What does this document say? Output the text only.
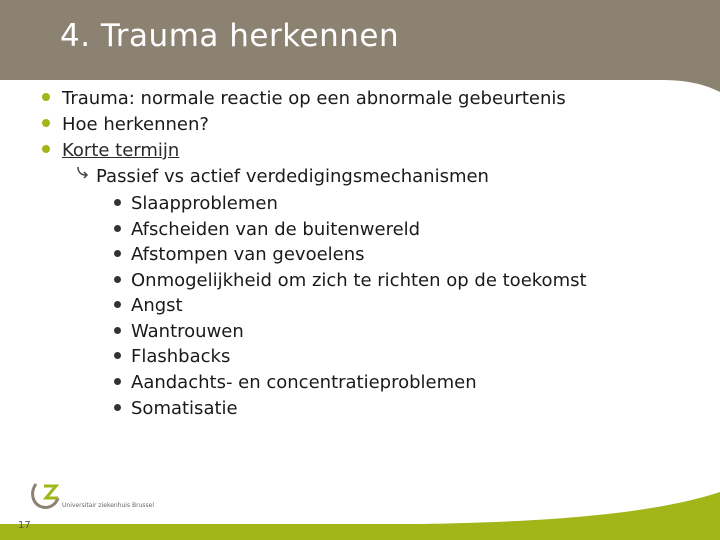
4. Trauma herkennen
Trauma: normale reactie op een abnormale gebeurtenis
Hoe herkennen?
Korte termijn
Passief vs actief verdedigingsmechanismen
Slaapproblemen
Afscheiden van de buitenwereld
Afstompen van gevoelens
Onmogelijkheid om zich te richten op de toekomst
Angst
Wantrouwen
Flashbacks
Aandachts- en concentratieproblemen
Somatisatie
Universitair ziekenhuis Brussel
17
